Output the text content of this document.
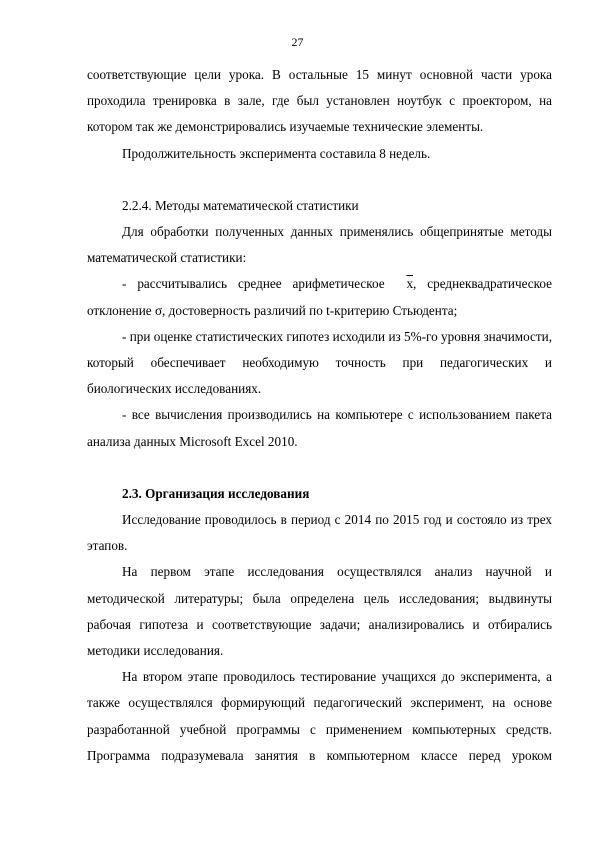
27

соответствующие цели урока. В остальные 15 минут основной части урока проходила тренировка в зале, где был установлен ноутбук с проектором, на котором так же демонстрировались изучаемые технические элементы.

Продолжительность эксперимента составила 8 недель.

2.2.4. Методы математической статистики

Для обработки полученных данных применялись общепринятые методы математической статистики:

- рассчитывались среднее арифметическое $\overline{x}$, среднеквадратическое отклонение σ, достоверность различий по t-критерию Стьюдента;

- при оценке статистических гипотез исходили из 5%-го уровня значимости, который обеспечивает необходимую точность при педагогических и биологических исследованиях.

- все вычисления производились на компьютере с использованием пакета анализа данных Microsoft Excel 2010.

2.3. Организация исследования

Исследование проводилось в период с 2014 по 2015 год и состояло из трех этапов.

На первом этапе исследования осуществлялся анализ научной и методической литературы; была определена цель исследования; выдвинуты рабочая гипотеза и соответствующие задачи; анализировались и отбирались методики исследования.

На втором этапе проводилось тестирование учащихся до эксперимента, а также осуществлялся формирующий педагогический эксперимент, на основе разработанной учебной программы с применением компьютерных средств. Программа подразумевала занятия в компьютерном классе перед уроком
